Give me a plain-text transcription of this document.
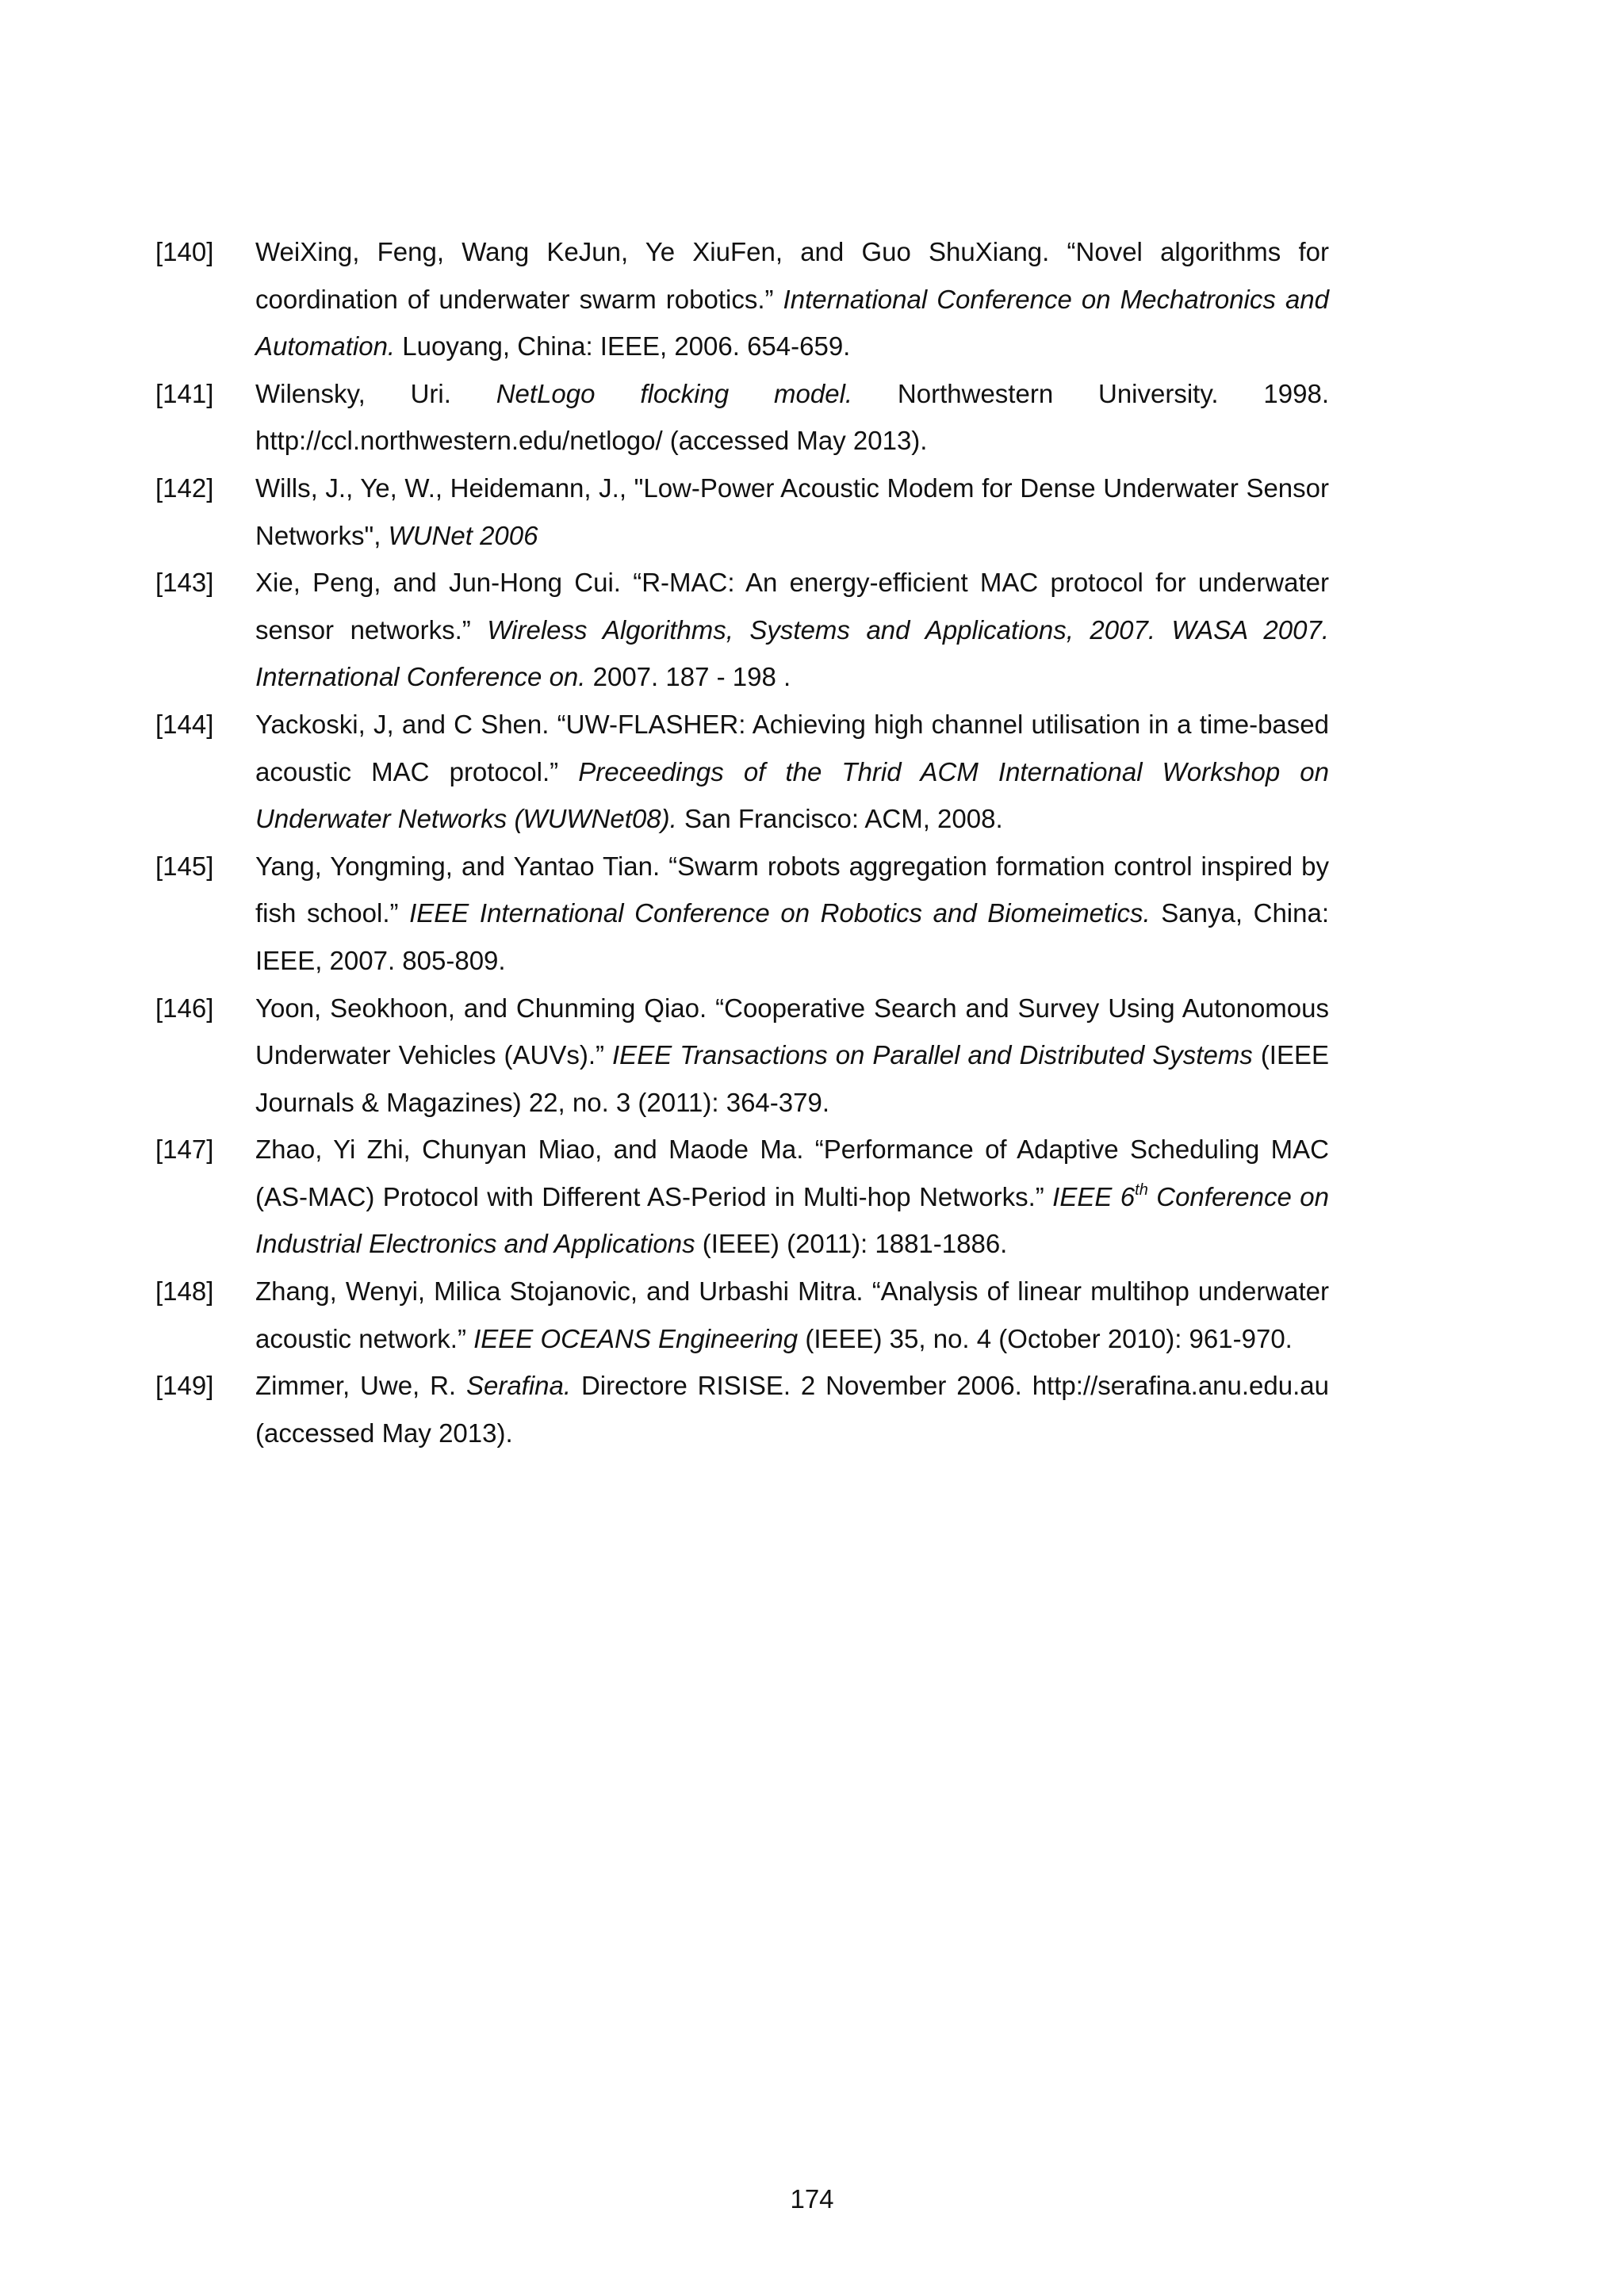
[140]	WeiXing, Feng, Wang KeJun, Ye XiuFen, and Guo ShuXiang. “Novel algorithms for coordination of underwater swarm robotics.” International Conference on Mechatronics and Automation. Luoyang, China: IEEE, 2006. 654-659.
[141]	Wilensky, Uri. NetLogo flocking model. Northwestern University. 1998. http://ccl.northwestern.edu/netlogo/ (accessed May 2013).
[142]	Wills, J., Ye, W., Heidemann, J., "Low-Power Acoustic Modem for Dense Underwater Sensor Networks", WUNet 2006
[143]	Xie, Peng, and Jun-Hong Cui. “R-MAC: An energy-efficient MAC protocol for underwater sensor networks.” Wireless Algorithms, Systems and Applications, 2007. WASA 2007. International Conference on. 2007. 187 - 198 .
[144]	Yackoski, J, and C Shen. “UW-FLASHER: Achieving high channel utilisation in a time-based acoustic MAC protocol.” Preceedings of the Thrid ACM International Workshop on Underwater Networks (WUWNet08). San Francisco: ACM, 2008.
[145]	Yang, Yongming, and Yantao Tian. “Swarm robots aggregation formation control inspired by fish school.” IEEE International Conference on Robotics and Biomeimetics. Sanya, China: IEEE, 2007. 805-809.
[146]	Yoon, Seokhoon, and Chunming Qiao. “Cooperative Search and Survey Using Autonomous Underwater Vehicles (AUVs).” IEEE Transactions on Parallel and Distributed Systems (IEEE Journals & Magazines) 22, no. 3 (2011): 364-379.
[147]	Zhao, Yi Zhi, Chunyan Miao, and Maode Ma. “Performance of Adaptive Scheduling MAC (AS-MAC) Protocol with Different AS-Period in Multi-hop Networks.” IEEE 6th Conference on Industrial Electronics and Applications (IEEE) (2011): 1881-1886.
[148]	Zhang, Wenyi, Milica Stojanovic, and Urbashi Mitra. “Analysis of linear multihop underwater acoustic network.” IEEE OCEANS Engineering (IEEE) 35, no. 4 (October 2010): 961-970.
[149]	Zimmer, Uwe, R. Serafina. Directore RISISE. 2 November 2006. http://serafina.anu.edu.au (accessed May 2013).
174
